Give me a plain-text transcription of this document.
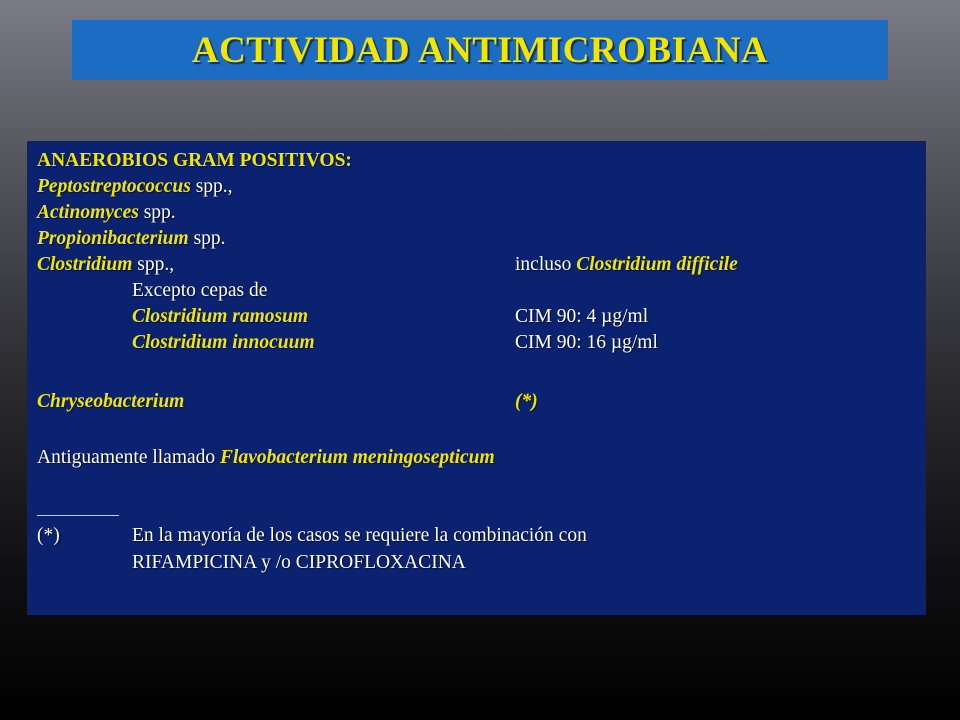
ACTIVIDAD ANTIMICROBIANA
ANAEROBIOS GRAM POSITIVOS:
Peptostreptococcus spp.,
Actinomyces spp.
Propionibacterium spp.
Clostridium spp.,	incluso Clostridium difficile
Excepto cepas de
Clostridium ramosum	CIM 90: 4 µg/ml
Clostridium innocuum	CIM 90: 16 µg/ml
Chryseobacterium	(*)
Antiguamente llamado Flavobacterium meningosepticum
(*)	En la mayoría de los casos se requiere la combinación con
RIFAMPICINA y /o CIPROFLOXACINA
